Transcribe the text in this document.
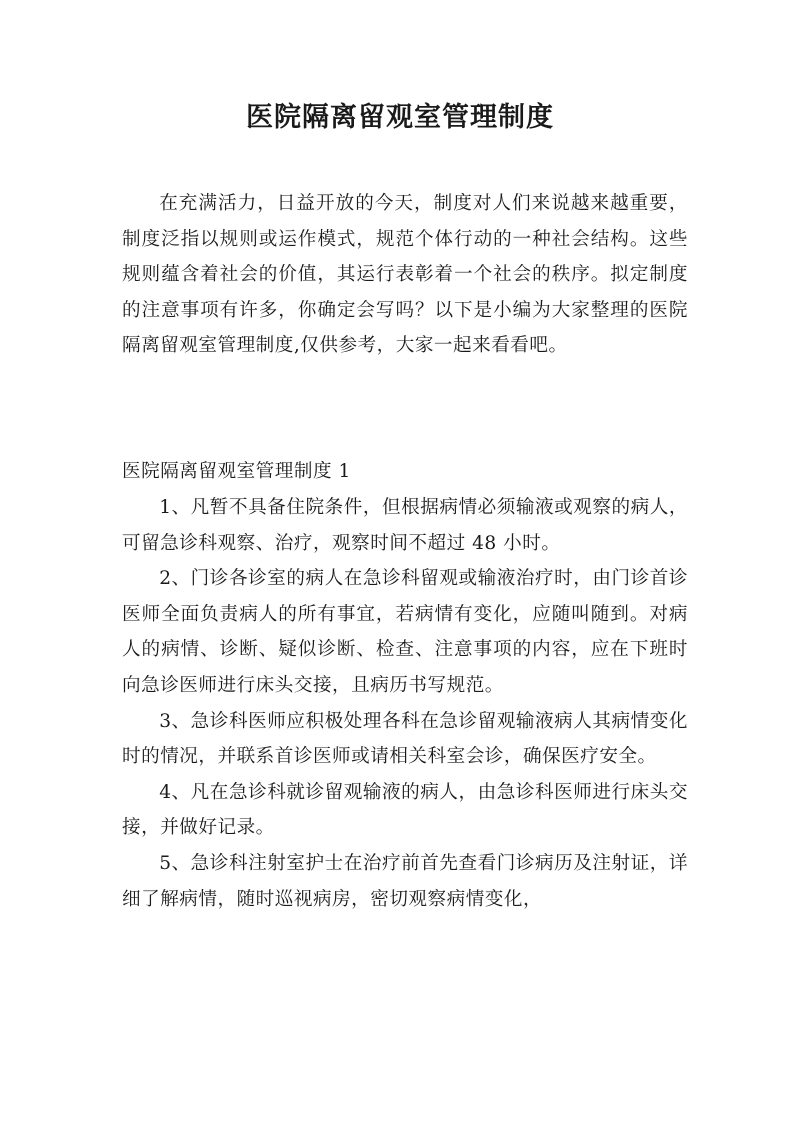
医院隔离留观室管理制度

在充满活力，日益开放的今天，制度对人们来说越来越重要，制度泛指以规则或运作模式，规范个体行动的一种社会结构。这些规则蕴含着社会的价值，其运行表彰着一个社会的秩序。拟定制度的注意事项有许多，你确定会写吗？以下是小编为大家整理的医院隔离留观室管理制度,仅供参考，大家一起来看看吧。

医院隔离留观室管理制度 1

1、凡暂不具备住院条件，但根据病情必须输液或观察的病人，可留急诊科观察、治疗，观察时间不超过 48 小时。

2、门诊各诊室的病人在急诊科留观或输液治疗时，由门诊首诊医师全面负责病人的所有事宜，若病情有变化，应随叫随到。对病人的病情、诊断、疑似诊断、检查、注意事项的内容，应在下班时向急诊医师进行床头交接，且病历书写规范。

3、急诊科医师应积极处理各科在急诊留观输液病人其病情变化时的情况，并联系首诊医师或请相关科室会诊，确保医疗安全。

4、凡在急诊科就诊留观输液的病人，由急诊科医师进行床头交接，并做好记录。

5、急诊科注射室护士在治疗前首先查看门诊病历及注射证，详细了解病情，随时巡视病房，密切观察病情变化，
